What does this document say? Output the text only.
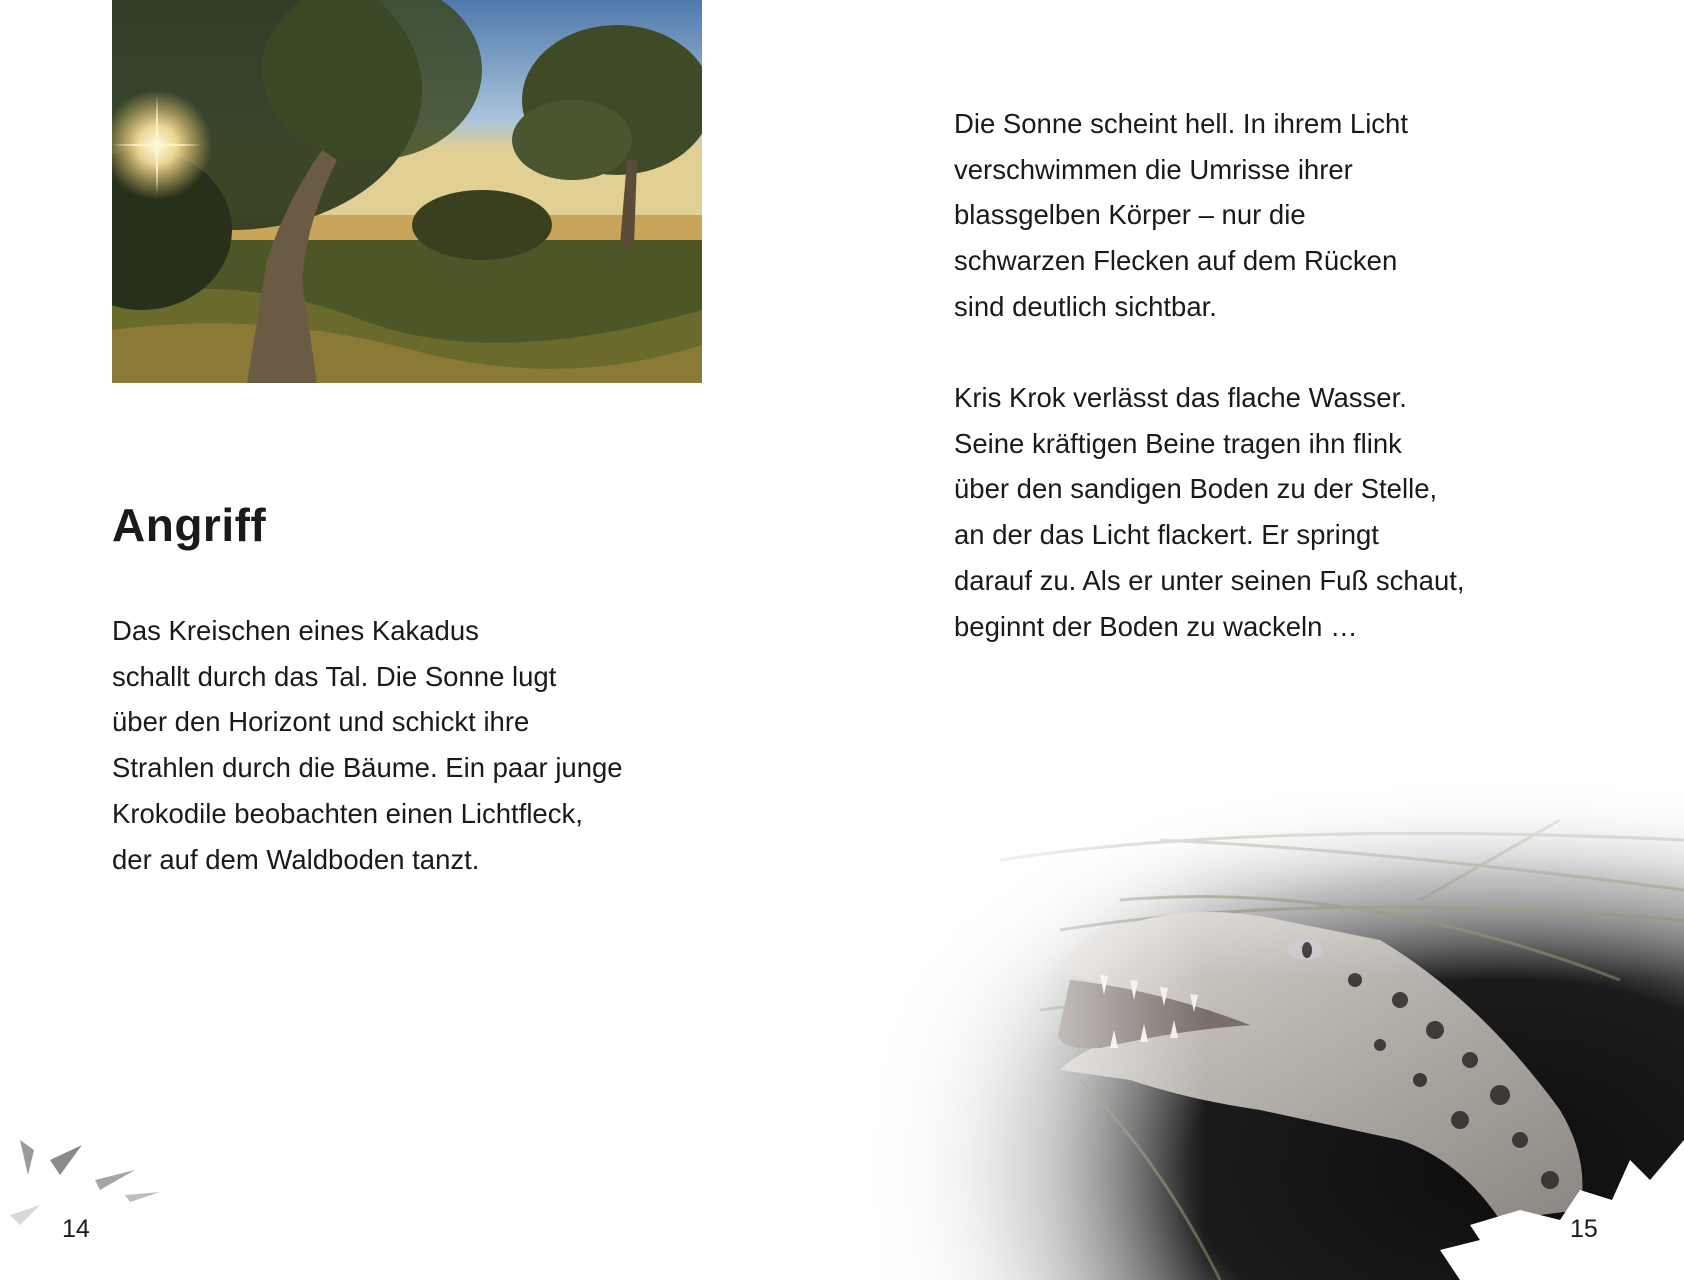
Angriff

Das Kreischen eines Kakadus
schallt durch das Tal. Die Sonne lugt
über den Horizont und schickt ihre
Strahlen durch die Bäume. Ein paar junge
Krokodile beobachten einen Lichtfleck,
der auf dem Waldboden tanzt.

14

Die Sonne scheint hell. In ihrem Licht
verschwimmen die Umrisse ihrer
blassgelben Körper – nur die
schwarzen Flecken auf dem Rücken
sind deutlich sichtbar.

Kris Krok verlässt das flache Wasser.
Seine kräftigen Beine tragen ihn flink
über den sandigen Boden zu der Stelle,
an der das Licht flackert. Er springt
darauf zu. Als er unter seinen Fuß schaut,
beginnt der Boden zu wackeln …

15
